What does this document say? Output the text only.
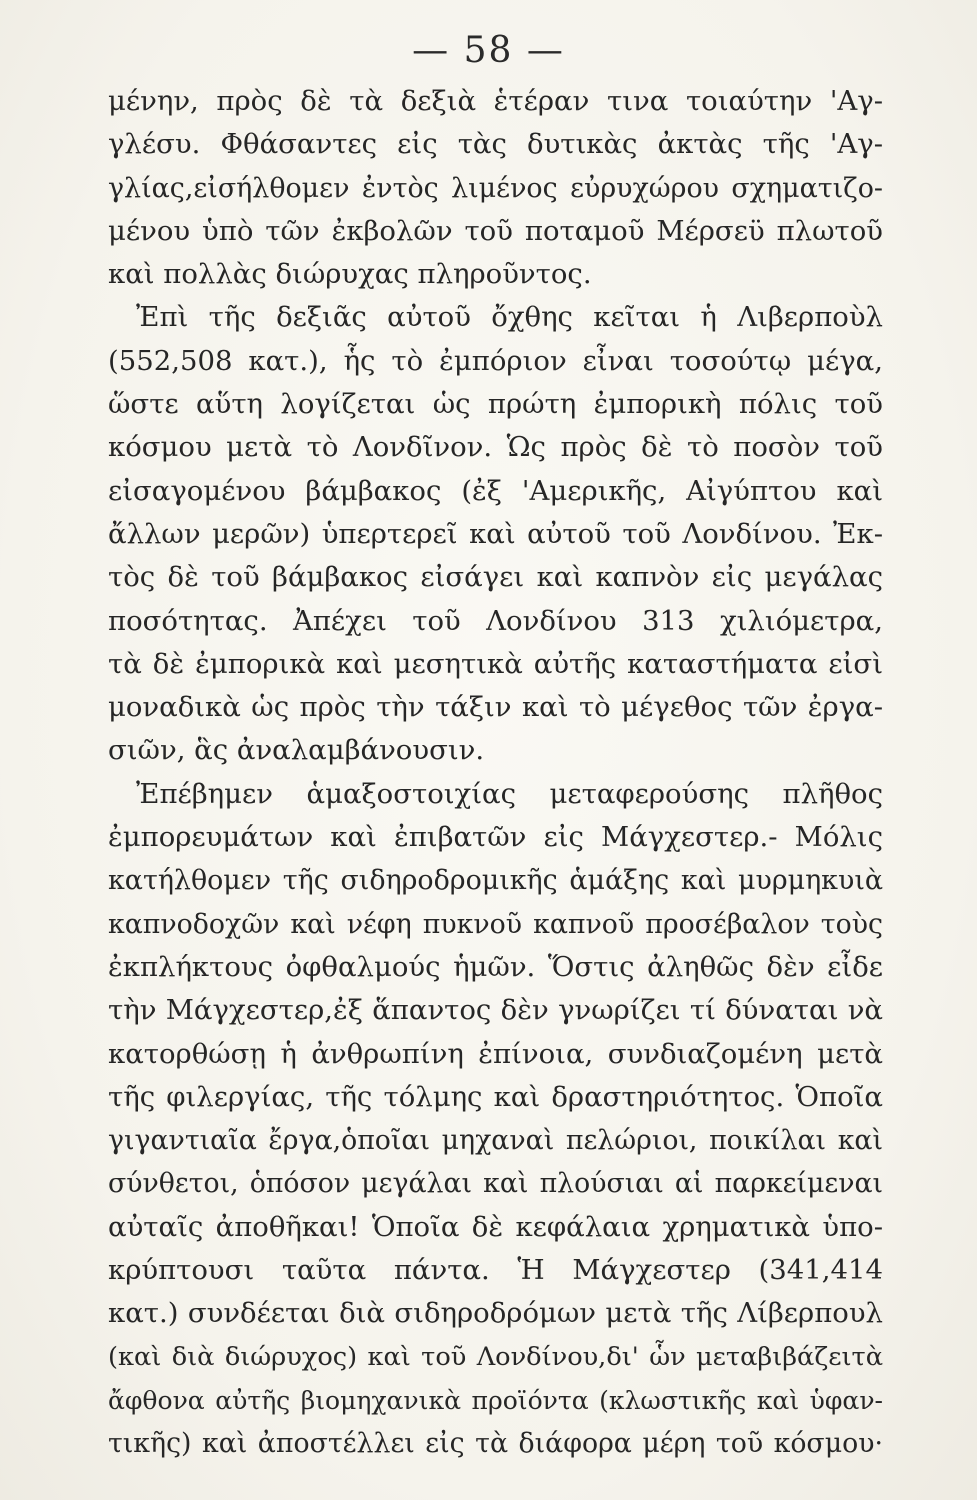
— 58 —
μένην, πρὸς δὲ τὰ δεξιὰ ἑτέραν τινα τοιαύτην 'Αγ-
γλέσυ. Φθάσαντες εἰς τὰς δυτικὰς ἀκτὰς τῆς 'Αγ-
γλίας,εἰσήλθομεν ἐντὸς λιμένος εὐρυχώρου σχηματιζο-
μένου ὑπὸ τῶν ἐκβολῶν τοῦ ποταμοῦ Μέρσεϋ πλωτοῦ
καὶ πολλὰς διώρυχας πληροῦντος.
Ἐπὶ τῆς δεξιᾶς αὐτοῦ ὄχθης κεῖται ἡ Λιβερποὺλ
(552,508 κατ.), ἧς τὸ ἐμπόριον εἶναι τοσούτῳ μέγα,
ὥστε αὕτη λογίζεται ὡς πρώτη ἐμπορικὴ πόλις τοῦ
κόσμου μετὰ τὸ Λονδῖνον. Ὡς πρὸς δὲ τὸ ποσὸν τοῦ
εἰσαγομένου βάμβακος (ἐξ 'Αμερικῆς, Αἰγύπτου καὶ
ἄλλων μερῶν) ὑπερτερεῖ καὶ αὐτοῦ τοῦ Λονδίνου. Ἐκ-
τὸς δὲ τοῦ βάμβακος εἰσάγει καὶ καπνὸν εἰς μεγάλας
ποσότητας. Ἀπέχει τοῦ Λονδίνου 313 χιλιόμετρα,
τὰ δὲ ἐμπορικὰ καὶ μεσητικὰ αὐτῆς καταστήματα εἰσὶ
μοναδικὰ ὡς πρὸς τὴν τάξιν καὶ τὸ μέγεθος τῶν ἐργα-
σιῶν, ἃς ἀναλαμβάνουσιν.
Ἐπέβημεν ἁμαξοστοιχίας μεταφερούσης πλῆθος
ἐμπορευμάτων καὶ ἐπιβατῶν εἰς Μάγχεστερ.- Μόλις
κατήλθομεν τῆς σιδηροδρομικῆς ἁμάξης καὶ μυρμηκυιὰ
καπνοδοχῶν καὶ νέφη πυκνοῦ καπνοῦ προσέβαλον τοὺς
ἐκπλήκτους ὀφθαλμούς ἡμῶν. Ὅστις ἀληθῶς δὲν εἶδε
τὴν Μάγχεστερ,ἐξ ἅπαντος δὲν γνωρίζει τί δύναται νὰ
κατορθώσῃ ἡ ἀνθρωπίνη ἐπίνοια, συνδιαζομένη μετὰ
τῆς φιλεργίας, τῆς τόλμης καὶ δραστηριότητος. Ὁποῖα
γιγαντιαῖα ἔργα,ὁποῖαι μηχαναὶ πελώριοι, ποικίλαι καὶ
σύνθετοι, ὁπόσον μεγάλαι καὶ πλούσιαι αἱ παρκείμεναι
αὐταῖς ἀποθῆκαι! Ὁποῖα δὲ κεφάλαια χρηματικὰ ὑπο-
κρύπτουσι ταῦτα πάντα. Ἡ Μάγχεστερ (341,414
κατ.) συνδέεται διὰ σιδηροδρόμων μετὰ τῆς Λίβερπουλ
(καὶ διὰ διώρυχος) καὶ τοῦ Λονδίνου,δι' ὧν μεταβιβάζειτὰ
ἄφθονα αὐτῆς βιομηχανικὰ προϊόντα (κλωστικῆς καὶ ὑφαν-
τικῆς) καὶ ἀποστέλλει εἰς τὰ διάφορα μέρη τοῦ κόσμου·
